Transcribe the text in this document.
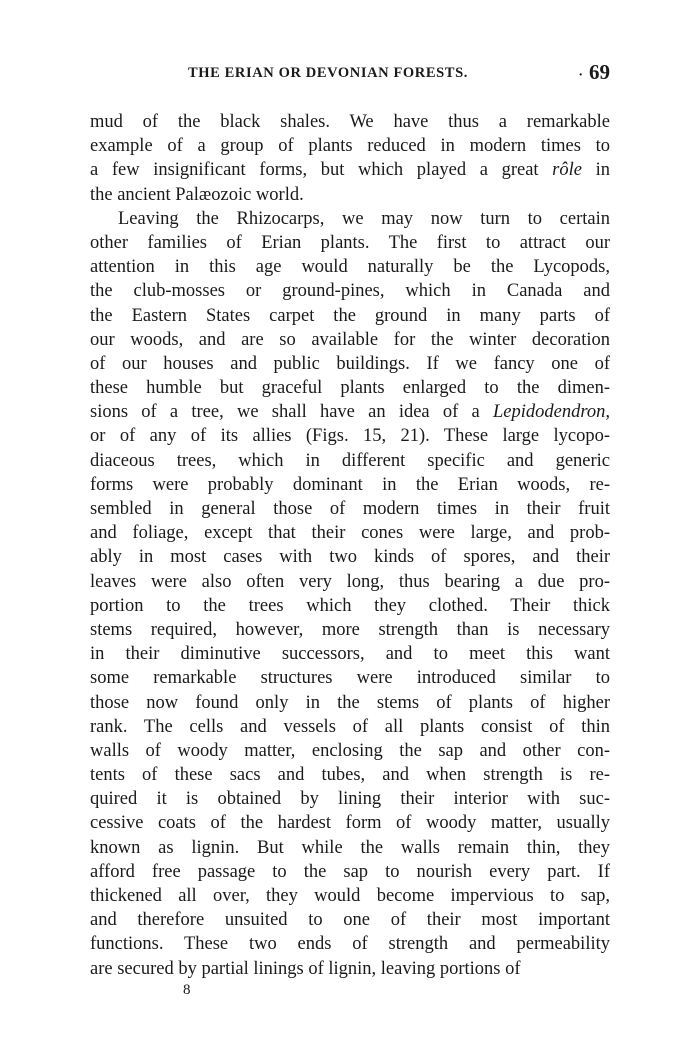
THE ERIAN OR DEVONIAN FORESTS.	· 69
mud of the black shales. We have thus a remarkable
example of a group of plants reduced in modern times to
a few insignificant forms, but which played a great rôle in
the ancient Palæozoic world.
Leaving the Rhizocarps, we may now turn to certain
other families of Erian plants. The first to attract our
attention in this age would naturally be the Lycopods,
the club-mosses or ground-pines, which in Canada and
the Eastern States carpet the ground in many parts of
our woods, and are so available for the winter decoration
of our houses and public buildings. If we fancy one of
these humble but graceful plants enlarged to the dimen-
sions of a tree, we shall have an idea of a Lepidodendron,
or of any of its allies (Figs. 15, 21). These large lycopo-
diaceous trees, which in different specific and generic
forms were probably dominant in the Erian woods, re-
sembled in general those of modern times in their fruit
and foliage, except that their cones were large, and prob-
ably in most cases with two kinds of spores, and their
leaves were also often very long, thus bearing a due pro-
portion to the trees which they clothed. Their thick
stems required, however, more strength than is necessary
in their diminutive successors, and to meet this want
some remarkable structures were introduced similar to
those now found only in the stems of plants of higher
rank. The cells and vessels of all plants consist of thin
walls of woody matter, enclosing the sap and other con-
tents of these sacs and tubes, and when strength is re-
quired it is obtained by lining their interior with suc-
cessive coats of the hardest form of woody matter, usually
known as lignin. But while the walls remain thin, they
afford free passage to the sap to nourish every part. If
thickened all over, they would become impervious to sap,
and therefore unsuited to one of their most important
functions. These two ends of strength and permeability
are secured by partial linings of lignin, leaving portions of
8
